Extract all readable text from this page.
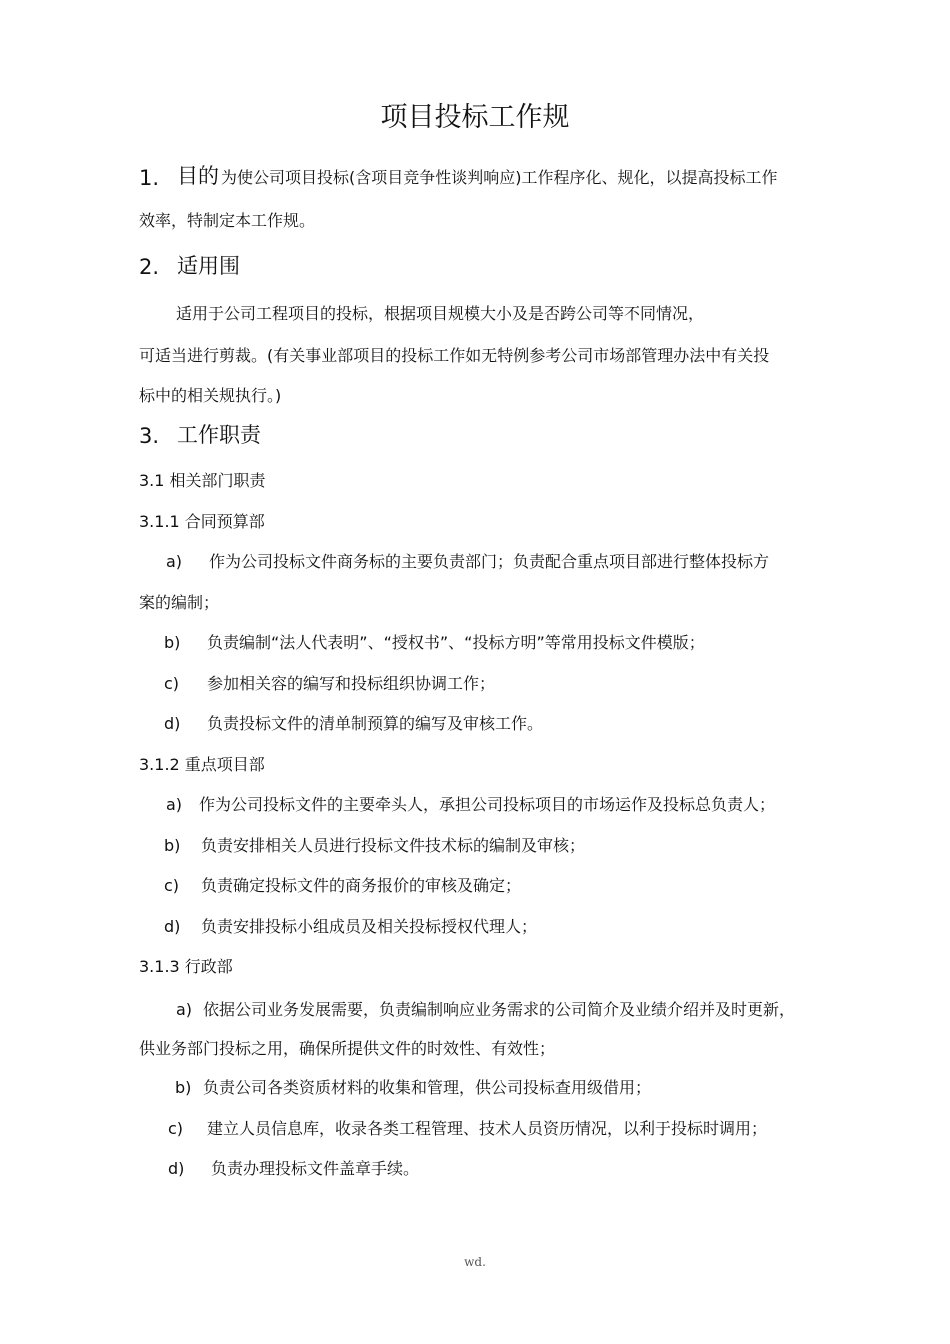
项目投标工作规
1. 目的 为使公司项目投标(含项目竞争性谈判响应)工作程序化、规化，以提高投标工作
效率，特制定本工作规。
2. 适用围
适用于公司工程项目的投标，根据项目规模大小及是否跨公司等不同情况，
可适当进行剪裁。(有关事业部项目的投标工作如无特例参考公司市场部管理办法中有关投
标中的相关规执行。)
3. 工作职责
3.1 相关部门职责
3.1.1 合同预算部
a) 作为公司投标文件商务标的主要负责部门；负责配合重点项目部进行整体投标方
案的编制；
b) 负责编制“法人代表明”、“授权书”、“投标方明”等常用投标文件模版；
c) 参加相关容的编写和投标组织协调工作；
d) 负责投标文件的清单制预算的编写及审核工作。
3.1.2 重点项目部
a) 作为公司投标文件的主要牵头人，承担公司投标项目的市场运作及投标总负责人；
b) 负责安排相关人员进行投标文件技术标的编制及审核；
c) 负责确定投标文件的商务报价的审核及确定；
d) 负责安排投标小组成员及相关投标授权代理人；
3.1.3 行政部
a) 依据公司业务发展需要，负责编制响应业务需求的公司简介及业绩介绍并及时更新，
供业务部门投标之用，确保所提供文件的时效性、有效性；
b) 负责公司各类资质材料的收集和管理，供公司投标查用级借用；
c) 建立人员信息库，收录各类工程管理、技术人员资历情况，以利于投标时调用；
d) 负责办理投标文件盖章手续。
wd.
